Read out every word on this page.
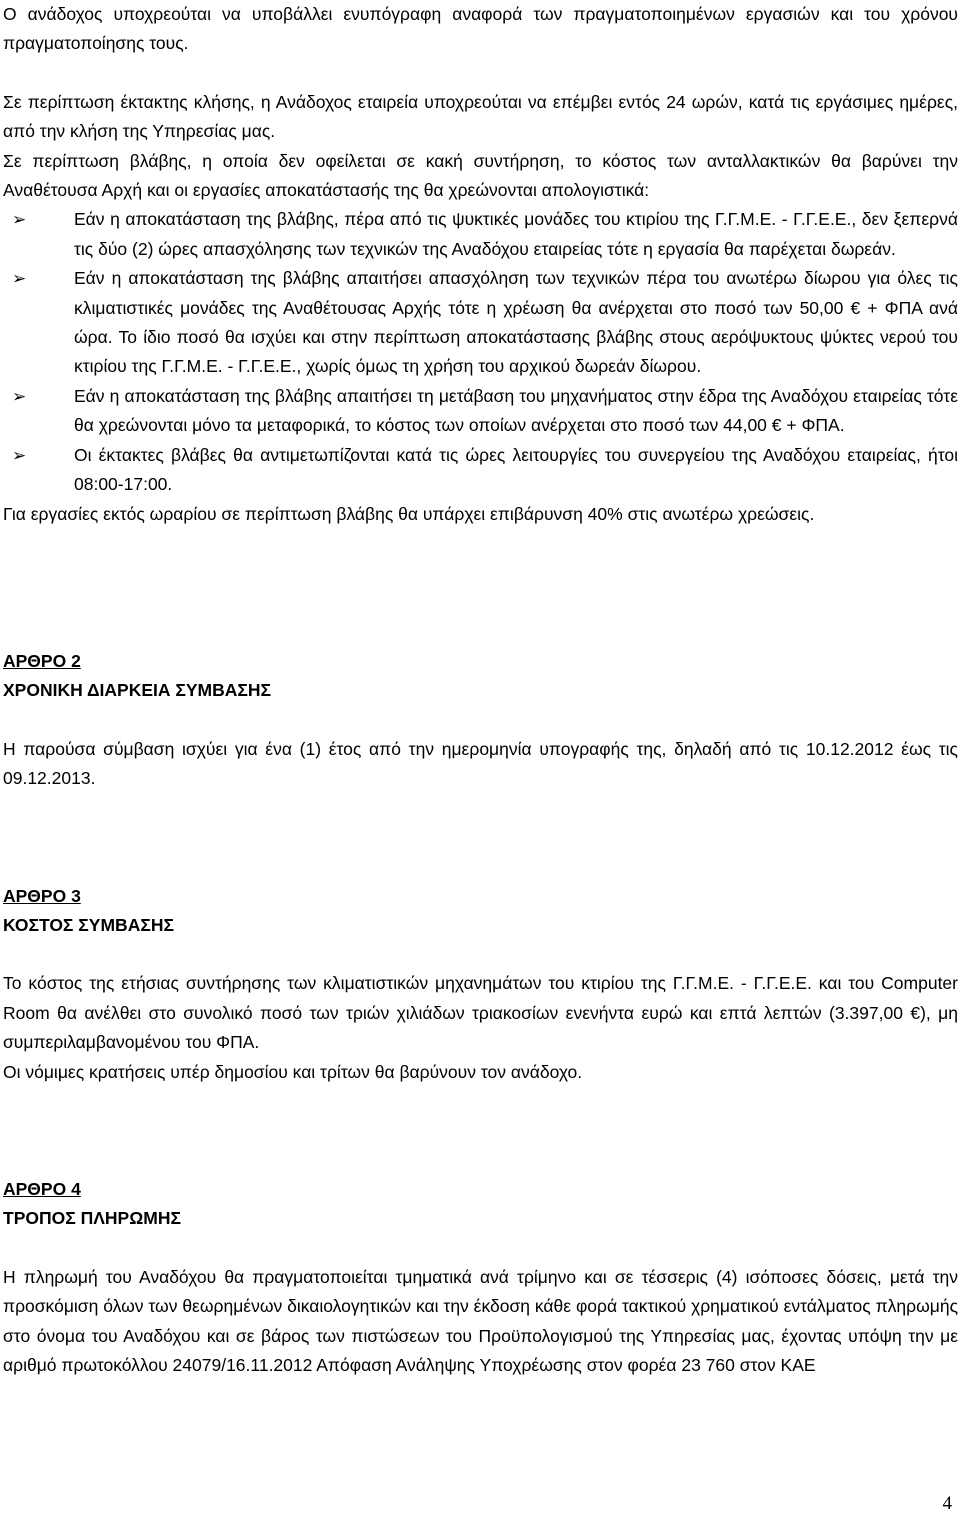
Ο ανάδοχος υποχρεούται να υποβάλλει ενυπόγραφη αναφορά των πραγματοποιημένων εργασιών και του χρόνου πραγματοποίησης τους.

Σε περίπτωση έκτακτης κλήσης, η Ανάδοχος εταιρεία υποχρεούται να επέμβει εντός 24 ωρών, κατά τις εργάσιμες ημέρες, από την κλήση της Υπηρεσίας μας.

Σε περίπτωση βλάβης, η οποία δεν οφείλεται σε κακή συντήρηση, το κόστος των ανταλλακτικών θα βαρύνει την Αναθέτουσα Αρχή και οι εργασίες αποκατάστασής της θα χρεώνονται απολογιστικά:

➢	Εάν η αποκατάσταση της βλάβης, πέρα από τις ψυκτικές μονάδες του κτιρίου της Γ.Γ.Μ.Ε. - Γ.Γ.Ε.Ε., δεν ξεπερνά τις δύο (2) ώρες απασχόλησης των τεχνικών της Αναδόχου εταιρείας τότε η εργασία θα παρέχεται δωρεάν.
➢	Εάν η αποκατάσταση της βλάβης απαιτήσει απασχόληση των τεχνικών πέρα του ανωτέρω δίωρου για όλες τις κλιματιστικές μονάδες της Αναθέτουσας Αρχής τότε η χρέωση θα ανέρχεται στο ποσό των 50,00 € + ΦΠΑ ανά ώρα. Το ίδιο ποσό θα ισχύει και στην περίπτωση αποκατάστασης βλάβης στους αερόψυκτους ψύκτες νερού του κτιρίου της Γ.Γ.Μ.Ε. - Γ.Γ.Ε.Ε., χωρίς όμως τη χρήση του αρχικού δωρεάν δίωρου.
➢	Εάν η αποκατάσταση της βλάβης απαιτήσει τη μετάβαση του μηχανήματος στην έδρα της Αναδόχου εταιρείας τότε θα χρεώνονται μόνο τα μεταφορικά, το κόστος των οποίων ανέρχεται στο ποσό των 44,00 € + ΦΠΑ.
➢	Οι έκτακτες βλάβες θα αντιμετωπίζονται κατά τις ώρες λειτουργίες του συνεργείου της Αναδόχου εταιρείας, ήτοι 08:00-17:00.

Για εργασίες εκτός ωραρίου σε περίπτωση βλάβης θα υπάρχει επιβάρυνση 40% στις ανωτέρω χρεώσεις.

ΑΡΘΡΟ 2

ΧΡΟΝΙΚΗ ΔΙΑΡΚΕΙΑ ΣΥΜΒΑΣΗΣ

Η παρούσα σύμβαση ισχύει για ένα (1) έτος από την ημερομηνία υπογραφής της, δηλαδή από τις 10.12.2012 έως τις 09.12.2013.

ΑΡΘΡΟ 3

ΚΟΣΤΟΣ ΣΥΜΒΑΣΗΣ

Το κόστος της ετήσιας συντήρησης των κλιματιστικών μηχανημάτων του κτιρίου της Γ.Γ.Μ.Ε. - Γ.Γ.Ε.Ε. και του Computer Room θα ανέλθει στο συνολικό ποσό των τριών χιλιάδων τριακοσίων ενενήντα ευρώ και επτά λεπτών (3.397,00 €), μη συμπεριλαμβανομένου του ΦΠΑ.

Οι νόμιμες κρατήσεις υπέρ δημοσίου και τρίτων θα βαρύνουν τον ανάδοχο.

ΑΡΘΡΟ 4

ΤΡΟΠΟΣ ΠΛΗΡΩΜΗΣ

Η πληρωμή του Αναδόχου θα πραγματοποιείται τμηματικά ανά τρίμηνο και σε τέσσερις (4) ισόποσες δόσεις, μετά την προσκόμιση όλων των θεωρημένων δικαιολογητικών και την έκδοση κάθε φορά τακτικού χρηματικού εντάλματος πληρωμής στο όνομα του Αναδόχου και σε βάρος των πιστώσεων του Προϋπολογισμού της Υπηρεσίας μας, έχοντας υπόψη την με αριθμό πρωτοκόλλου 24079/16.11.2012 Απόφαση Ανάληψης Υποχρέωσης στον φορέα 23 760 στον ΚΑΕ

4
